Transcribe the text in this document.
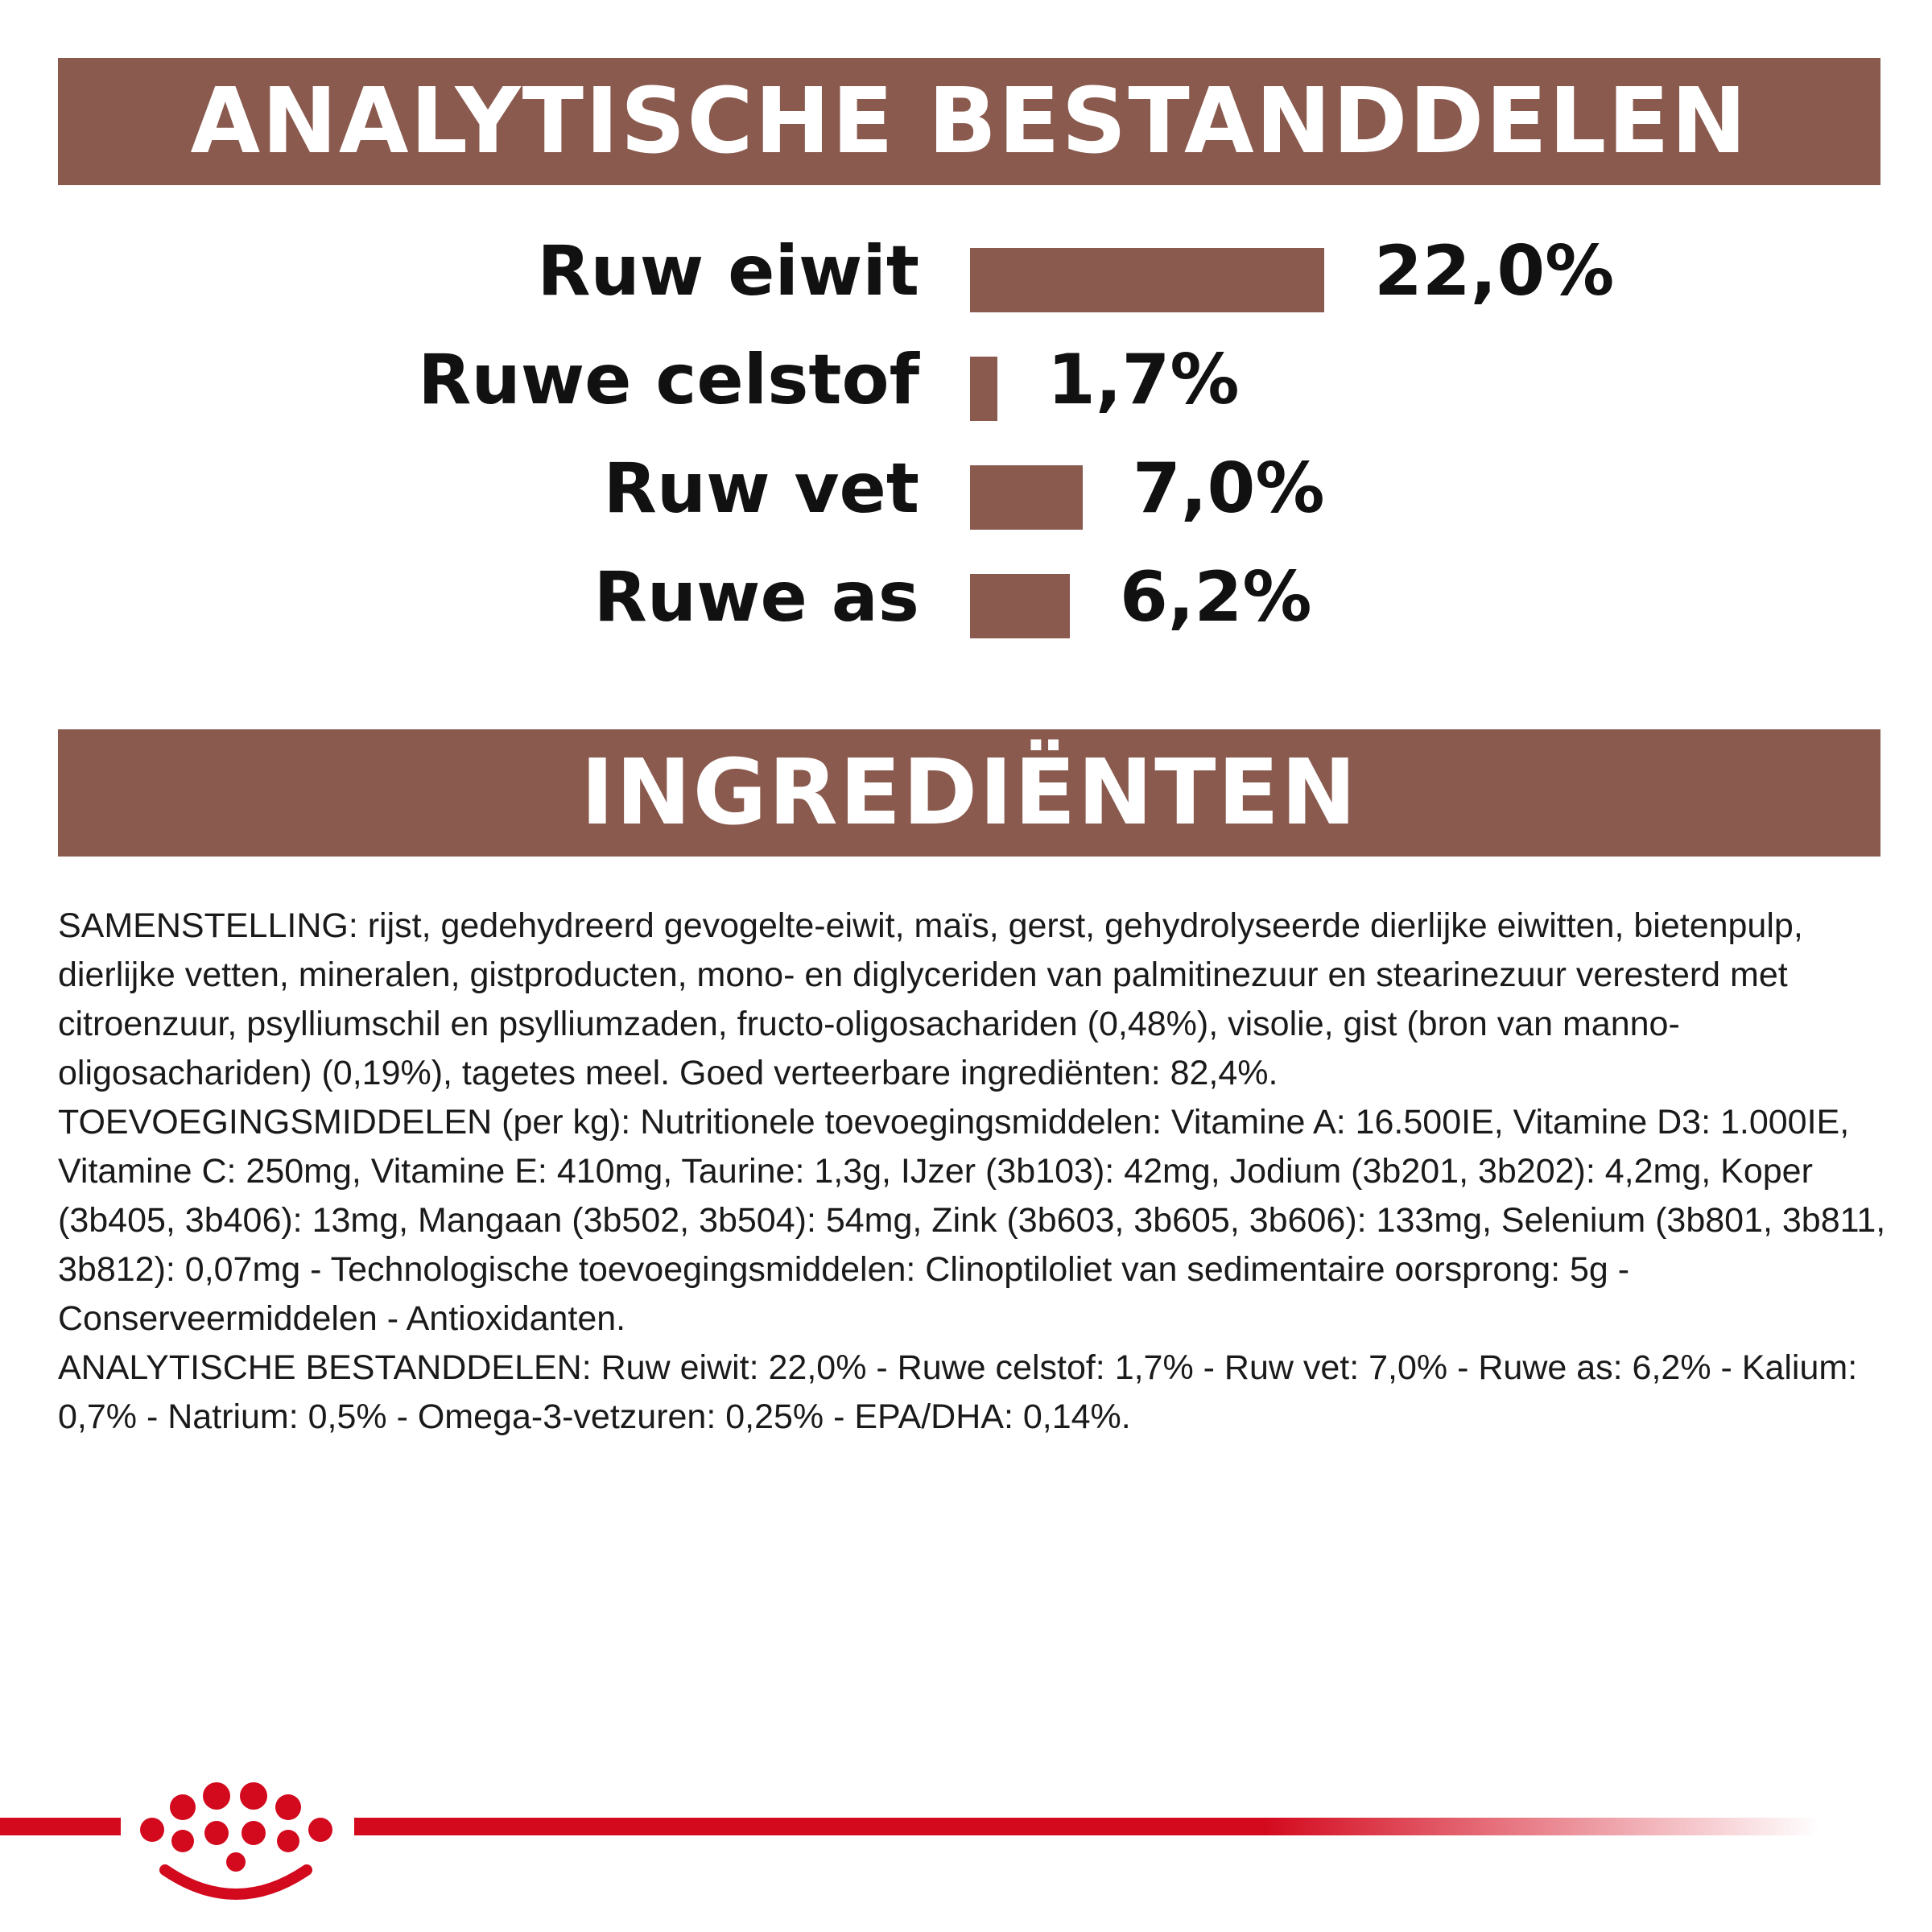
ANALYTISCHE BESTANDDELEN
Ruw eiwit	22,0%
Ruwe celstof 1,7%
Ruw vet	7,0%
Ruwe as	6,2%
INGREDIËNTEN

SAMENSTELLING: rijst, gedehydreerd gevogelte-eiwit, maïs, gerst, gehydrolyseerde dierlijke eiwitten, bietenpulp, dierlijke vetten, mineralen, gistproducten, mono- en diglyceriden van palmitinezuur en stearinezuur veresterd met citroenzuur, psylliumschil en psylliumzaden, fructo-oligosachariden (0,48%), visolie, gist (bron van manno-oligosachariden) (0,19%), tagetes meel. Goed verteerbare ingrediënten: 82,4%.

TOEVOEGINGSMIDDELEN (per kg): Nutritionele toevoegingsmiddelen: Vitamine A: 16.500IE, Vitamine D3: 1.000IE, Vitamine C: 250mg, Vitamine E: 410mg, Taurine: 1,3g, IJzer (3b103): 42mg, Jodium (3b201, 3b202): 4,2mg, Koper (3b405, 3b406): 13mg, Mangaan (3b502, 3b504): 54mg, Zink (3b603, 3b605, 3b606): 133mg, Selenium (3b801, 3b811, 3b812): 0,07mg - Technologische toevoegingsmiddelen: Clinoptiloliet van sedimentaire oorsprong: 5g - Conserveermiddelen - Antioxidanten.

ANALYTISCHE BESTANDDELEN: Ruw eiwit: 22,0% - Ruwe celstof: 1,7% - Ruw vet: 7,0% - Ruwe as: 6,2% - Kalium: 0,7% - Natrium: 0,5% - Omega-3-vetzuren: 0,25% - EPA/DHA: 0,14%.
